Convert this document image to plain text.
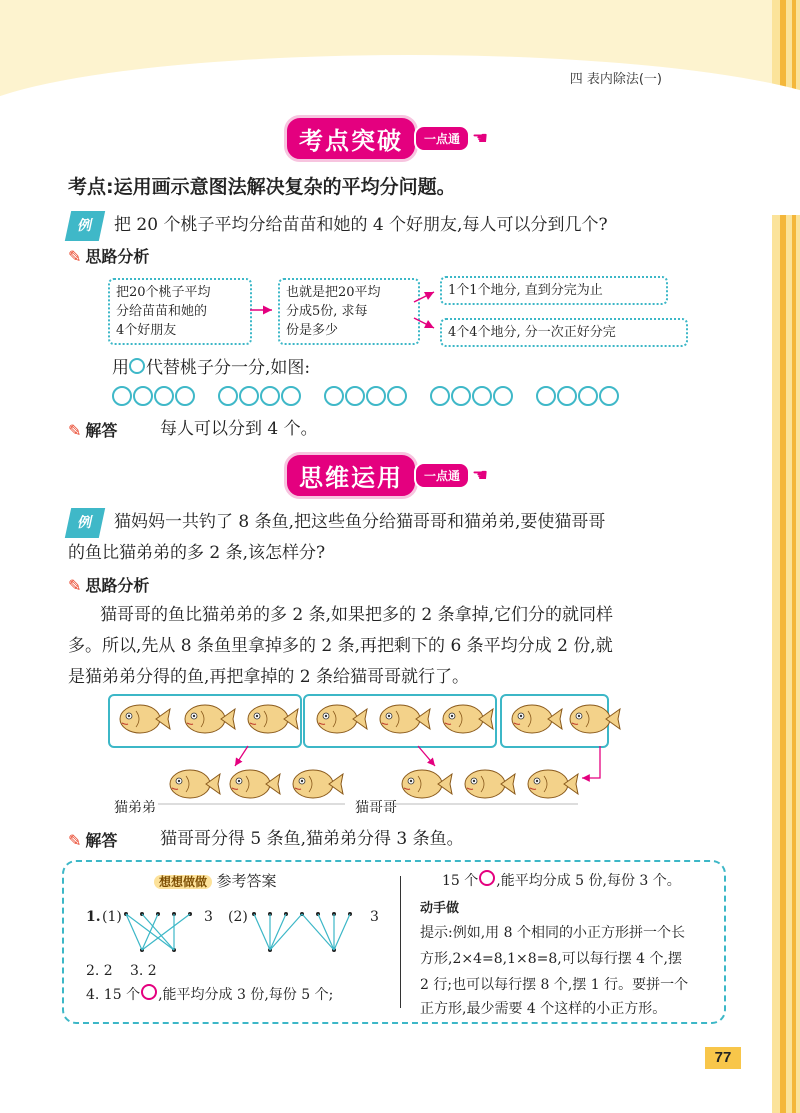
四 表内除法(一)
考点突破	一点通 ☚
考点:运用画示意图法解决复杂的平均分问题。
例 把 20 个桃子平均分给苗苗和她的 4 个好朋友,每人可以分到几个?
✎ 思路分析
把20个桃子平均
分给苗苗和她的
4个好朋友
也就是把20平均
分成5份, 求每
份是多少
1个1个地分, 直到分完为止
4个4个地分, 分一次正好分完
用 代替桃子分一分,如图:
✎ 解答	每人可以分到 4 个。
思维运用	一点通 ☚
例 猫妈妈一共钓了 8 条鱼,把这些鱼分给猫哥哥和猫弟弟,要使猫哥哥
的鱼比猫弟弟的多 2 条,该怎样分?
✎ 思路分析
猫哥哥的鱼比猫弟弟的多 2 条,如果把多的 2 条拿掉,它们分的就同样
多。所以,先从 8 条鱼里拿掉多的 2 条,再把剩下的 6 条平均分成 2 份,就
是猫弟弟分得的鱼,再把拿掉的 2 条给猫哥哥就行了。
猫弟弟	猫哥哥
✎ 解答	猫哥哥分得 5 条鱼,猫弟弟分得 3 条鱼。
想想做做 参考答案
1. (1)	3 (2)	3
2. 2 3. 2
4. 15 个 ,能平均分成 3 份,每份 5 个;
15 个 ,能平均分成 5 份,每份 3 个。
动手做
提示:例如,用 8 个相同的小正方形拼一个长
方形,2×4=8,1×8=8,可以每行摆 4 个,摆
2 行;也可以每行摆 8 个,摆 1 行。要拼一个
正方形,最少需要 4 个这样的小正方形。
77
